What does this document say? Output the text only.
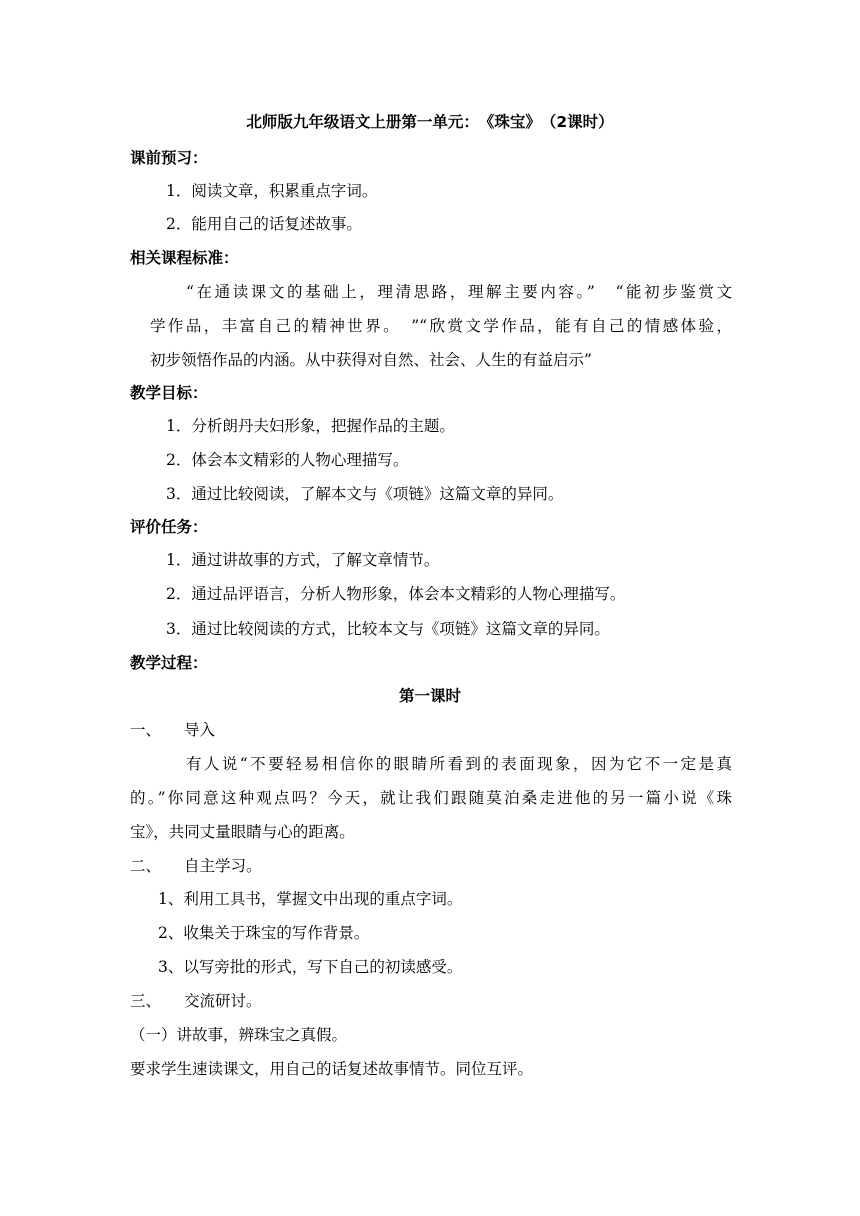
北师版九年级语文上册第一单元：　《珠宝》　（2课时）
课前预习：
1．阅读文章，积累重点字词。
2．能用自己的话复述故事。
相关课程标准：
“在通读课文的基础上，理清思路，理解主要内容。”　“能初步鉴赏文
学作品，丰富自己的精神世界。　”“欣赏文学作品，能有自己的情感体验，
初步领悟作品的内涵。从中获得对自然、社会、人生的有益启示”
教学目标：
1．分析朗丹夫妇形象，把握作品的主题。
2．体会本文精彩的人物心理描写。
3．通过比较阅读，了解本文与《项链》这篇文章的异同。
评价任务：
1．通过讲故事的方式，了解文章情节。
2．通过品评语言，分析人物形象，体会本文精彩的人物心理描写。
3．通过比较阅读的方式，比较本文与《项链》这篇文章的异同。
教学过程：
第一课时
一、 导入
有人说“不要轻易相信你的眼睛所看到的表面现象，因为它不一定是真
的。”你同意这种观点吗？今天，就让我们跟随莫泊桑走进他的另一篇小说《珠
宝》，共同丈量眼睛与心的距离。
二、 自主学习。
1、利用工具书，掌握文中出现的重点字词。
2、收集关于珠宝的写作背景。
3、以写旁批的形式，写下自己的初读感受。
三、 交流研讨。
（一）讲故事，辨珠宝之真假。
要求学生速读课文，用自己的话复述故事情节。同位互评。
